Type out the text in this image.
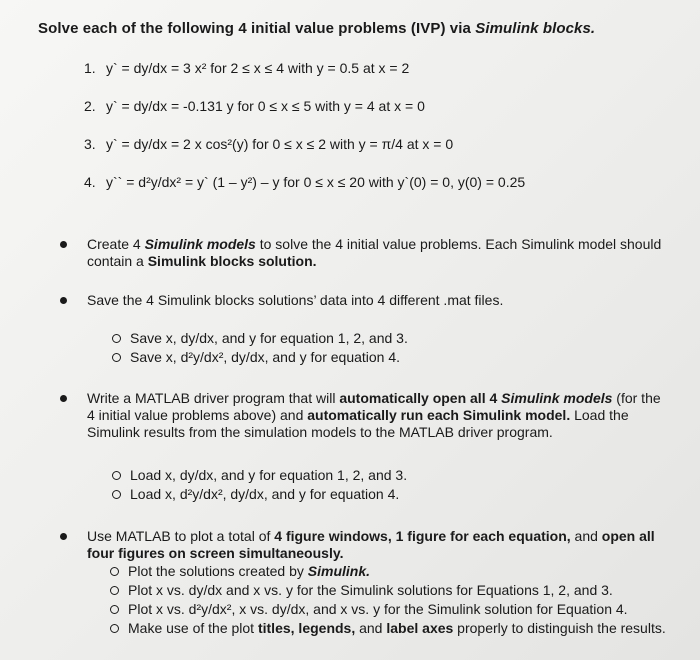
Solve each of the following 4 initial value problems (IVP) via Simulink blocks.
1. y` = dy/dx = 3 x² for 2 ≤ x ≤ 4 with y = 0.5 at x = 2
2. y` = dy/dx = -0.131 y for 0 ≤ x ≤ 5 with y = 4 at x = 0
3. y` = dy/dx = 2 x cos²(y) for 0 ≤ x ≤ 2 with y = π/4 at x = 0
4. y`` = d²y/dx² = y` (1 – y²) – y for 0 ≤ x ≤ 20 with y`(0) = 0, y(0) = 0.25
Create 4 Simulink models to solve the 4 initial value problems. Each Simulink model should contain a Simulink blocks solution.
Save the 4 Simulink blocks solutions’ data into 4 different .mat files.
Save x, dy/dx, and y for equation 1, 2, and 3.
Save x, d²y/dx², dy/dx, and y for equation 4.
Write a MATLAB driver program that will automatically open all 4 Simulink models (for the 4 initial value problems above) and automatically run each Simulink model. Load the Simulink results from the simulation models to the MATLAB driver program.
Load x, dy/dx, and y for equation 1, 2, and 3.
Load x, d²y/dx², dy/dx, and y for equation 4.
Use MATLAB to plot a total of 4 figure windows, 1 figure for each equation, and open all four figures on screen simultaneously.
Plot the solutions created by Simulink.
Plot x vs. dy/dx and x vs. y for the Simulink solutions for Equations 1, 2, and 3.
Plot x vs. d²y/dx², x vs. dy/dx, and x vs. y for the Simulink solution for Equation 4.
Make use of the plot titles, legends, and label axes properly to distinguish the results.
